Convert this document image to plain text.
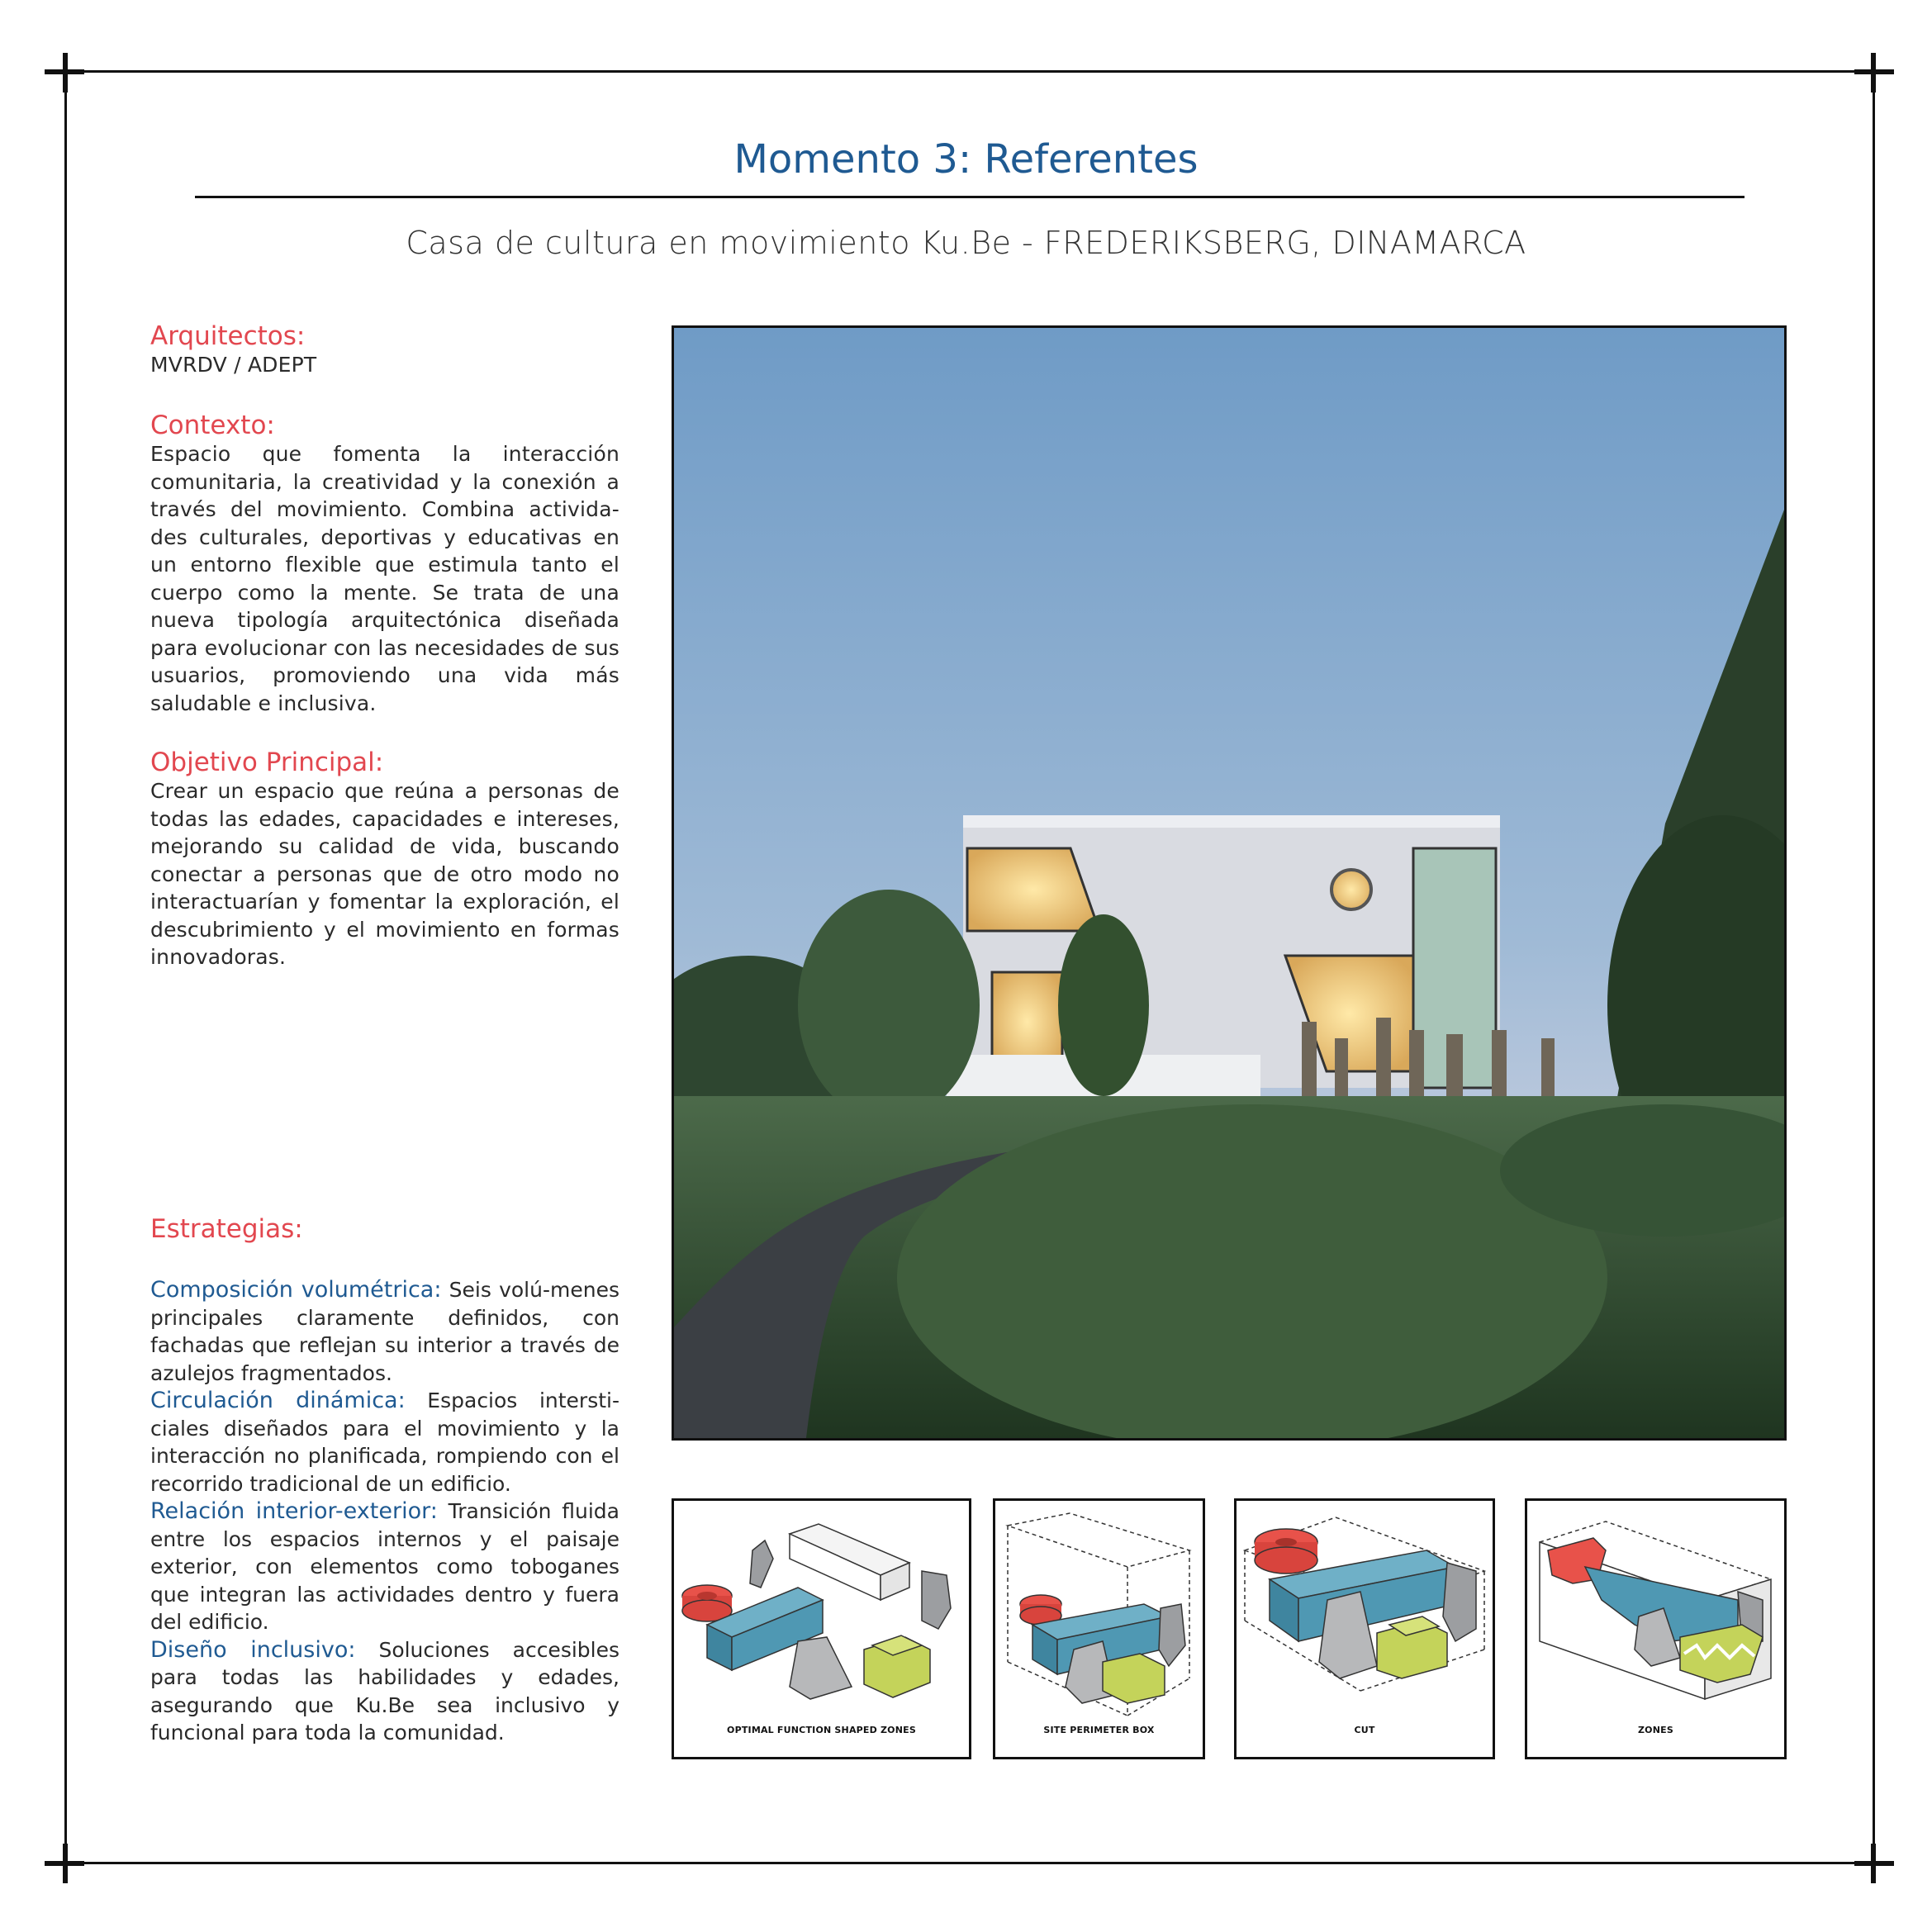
Momento 3: Referentes
Casa de cultura en movimiento Ku.Be - FREDERIKSBERG, DINAMARCA

Arquitectos:

MVRDV / ADEPT

Contexto:

Espacio que fomenta la interacción comunitaria, la creatividad y la conexión a través del movimiento. Combina activida-des culturales, deportivas y educativas en un entorno flexible que estimula tanto el cuerpo como la mente. Se trata de una nueva tipología arquitectónica diseñada para evolucionar con las necesidades de sus usuarios, promoviendo una vida más saludable e inclusiva.

Objetivo Principal:

Crear un espacio que reúna a personas de todas las edades, capacidades e intereses, mejorando su calidad de vida, buscando conectar a personas que de otro modo no interactuarían y fomentar la exploración, el descubrimiento y el movimiento en formas innovadoras.

Estrategias:

Composición volumétrica: Seis volú-menes principales claramente definidos, con fachadas que reflejan su interior a través de azulejos fragmentados.

Circulación dinámica: Espacios intersti-ciales diseñados para el movimiento y la interacción no planificada, rompiendo con el recorrido tradicional de un edificio.

Relación interior-exterior: Transición fluida entre los espacios internos y el paisaje exterior, con elementos como toboganes que integran las actividades dentro y fuera del edificio.

Diseño inclusivo: Soluciones accesibles para todas las habilidades y edades, asegurando que Ku.Be sea inclusivo y funcional para toda la comunidad.	OPTIMAL FUNCTION SHAPED ZONES	SITE PERIMETER BOX	CUT	ZONES
